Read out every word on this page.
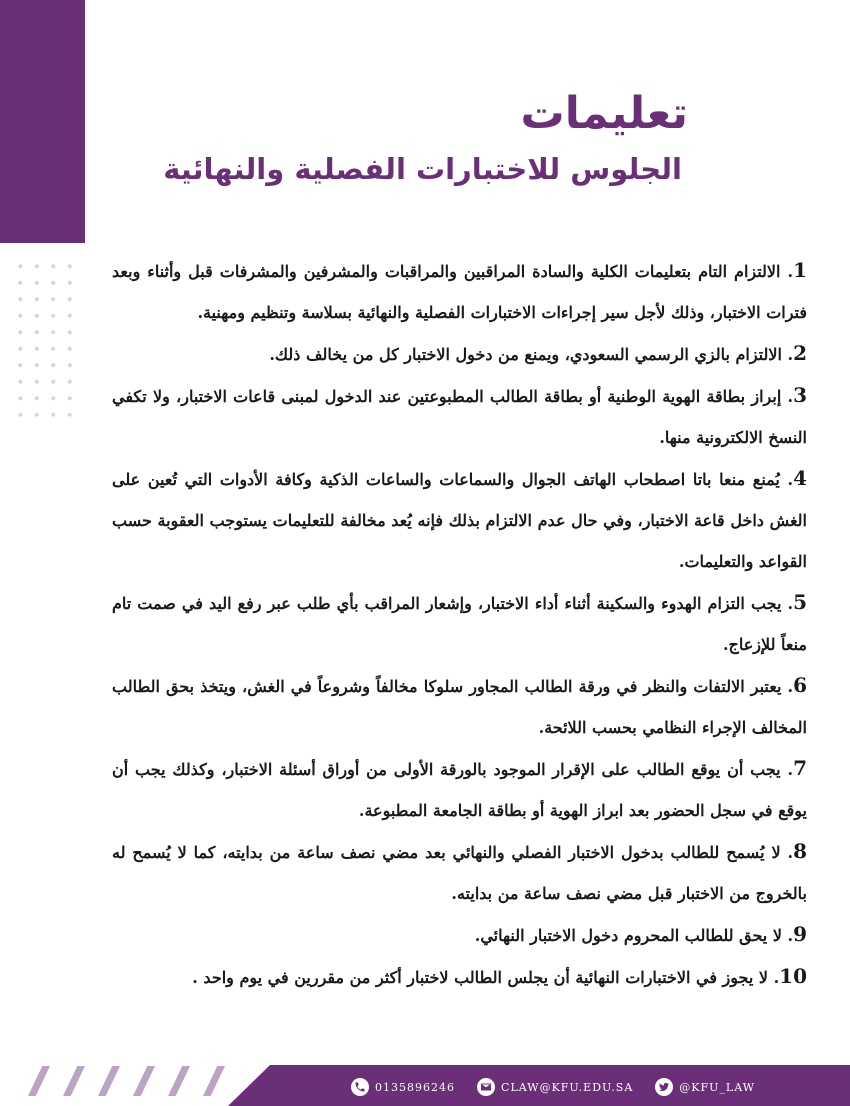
تعليمات
الجلوس للاختبارات الفصلية والنهائية
1. الالتزام التام بتعليمات الكلية والسادة المراقبين والمراقبات والمشرفين والمشرفات قبل وأثناء وبعد فترات الاختبار، وذلك لأجل سير إجراءات الاختبارات الفصلية والنهائية بسلاسة وتنظيم ومهنية.
2. الالتزام بالزي الرسمي السعودي، ويمنع من دخول الاختبار كل من يخالف ذلك.
3. إبراز بطاقة الهوية الوطنية أو بطاقة الطالب المطبوعتين عند الدخول لمبنى قاعات الاختبار، ولا تكفي النسخ الالكترونية منها.
4. يُمنع منعا باتا اصطحاب الهاتف الجوال والسماعات والساعات الذكية وكافة الأدوات التي تُعين على الغش داخل قاعة الاختبار، وفي حال عدم الالتزام بذلك فإنه يُعد مخالفة للتعليمات يستوجب العقوبة حسب القواعد والتعليمات.
5. يجب التزام الهدوء والسكينة أثناء أداء الاختبار، وإشعار المراقب بأي طلب عبر رفع اليد في صمت تام منعاً للإزعاج.
6. يعتبر الالتفات والنظر في ورقة الطالب المجاور سلوكا مخالفاً وشروعاً في الغش، ويتخذ بحق الطالب المخالف الإجراء النظامي بحسب اللائحة.
7. يجب أن يوقع الطالب على الإقرار الموجود بالورقة الأولى من أوراق أسئلة الاختبار، وكذلك يجب أن يوقع في سجل الحضور بعد ابراز الهوية أو بطاقة الجامعة المطبوعة.
8. لا يُسمح للطالب بدخول الاختبار الفصلي والنهائي بعد مضي نصف ساعة من بدايته، كما لا يُسمح له بالخروج من الاختبار قبل مضي نصف ساعة من بدايته.
9. لا يحق للطالب المحروم دخول الاختبار النهائي.
10. لا يجوز في الاختبارات النهائية أن يجلس الطالب لاختبار أكثر من مقررين في يوم واحد .
0135896246	CLAW@KFU.EDU.SA	@KFU_LAW
